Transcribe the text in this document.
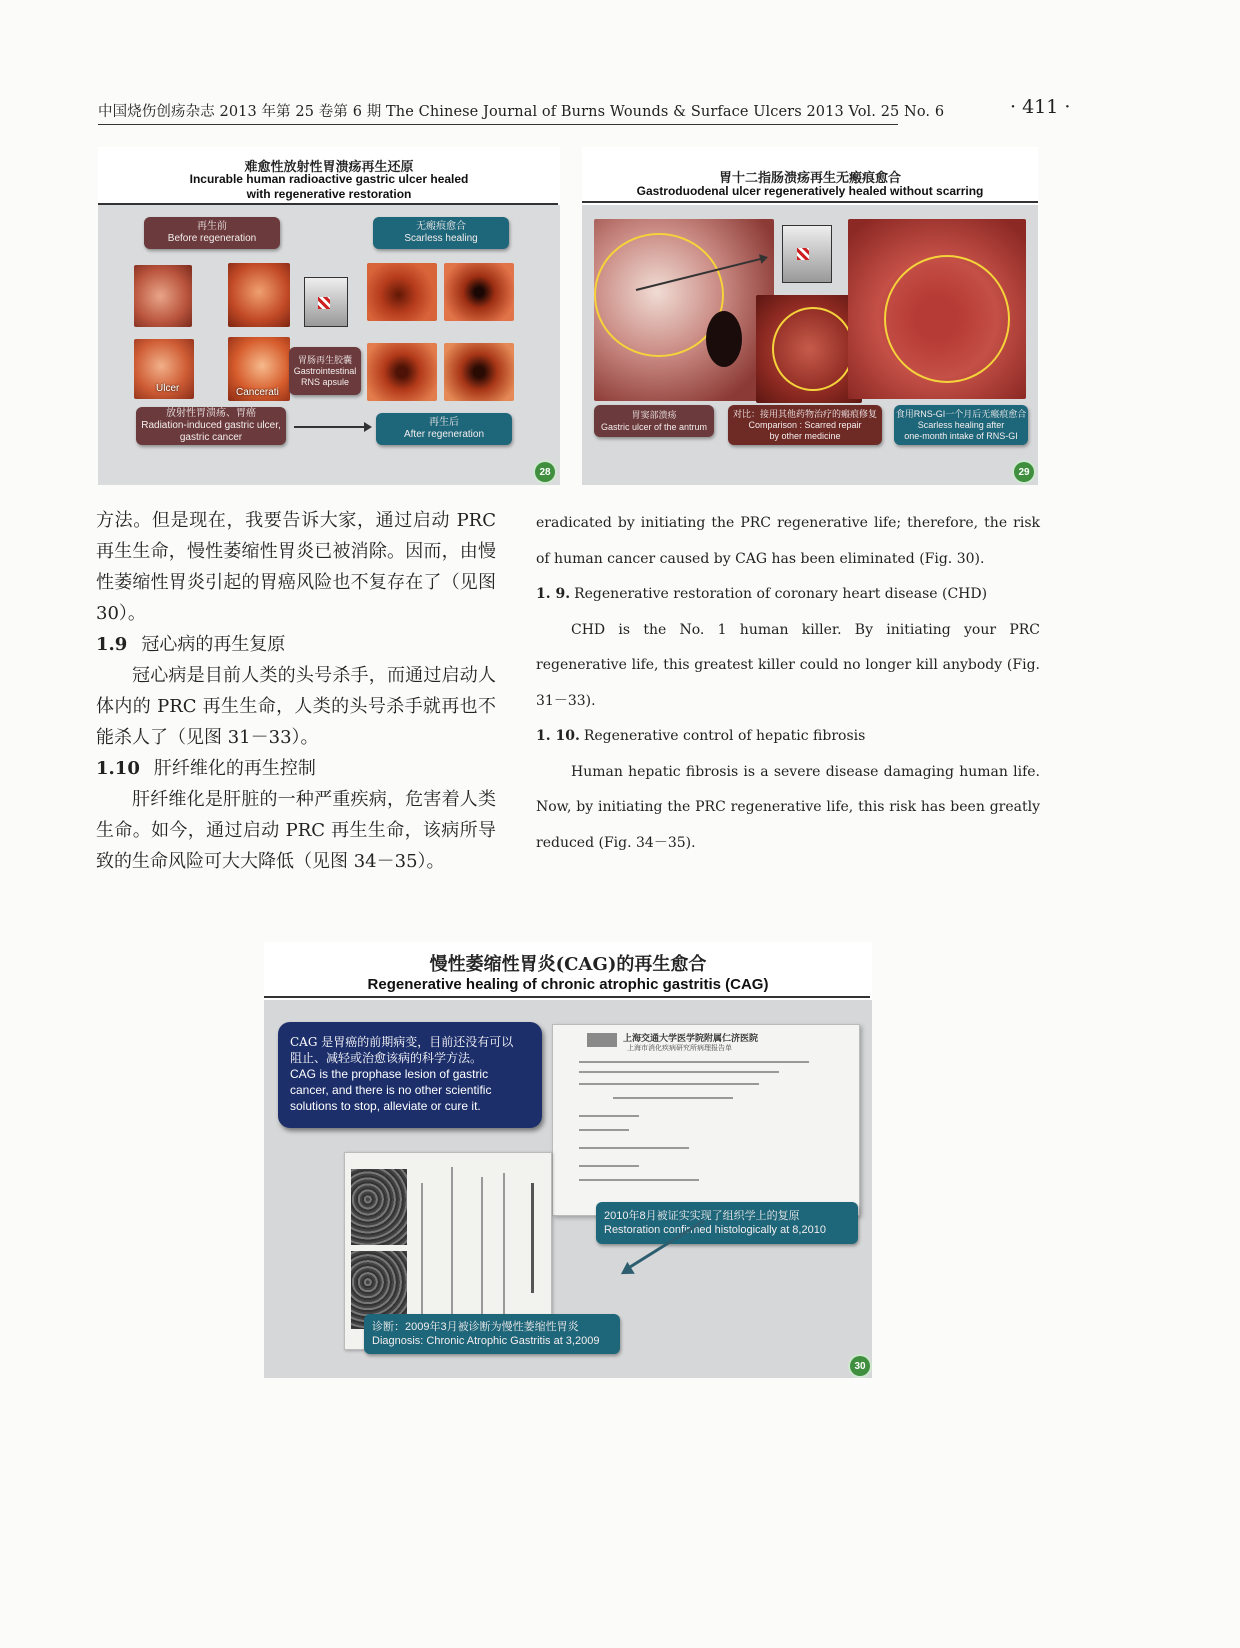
中国烧伤创疡杂志 2013 年第 25 卷第 6 期 The Chinese Journal of Burns Wounds & Surface Ulcers 2013 Vol. 25 No. 6	· 411 ·
难愈性放射性胃溃疡再生还原
Incurable human radioactive gastric ulcer healed
with regenerative restoration
再生前
Before regeneration
无瘢痕愈合
Scarless healing
Ulcer	Cancerati
胃肠再生胶囊
Gastrointestinal
RNS apsule
放射性胃溃疡、胃癌
Radiation-induced gastric ulcer,
gastric cancer
再生后
After regeneration
28
胃十二指肠溃疡再生无瘢痕愈合
Gastroduodenal ulcer regeneratively healed without scarring
胃窦部溃疡
Gastric ulcer of the antrum
对比：接用其他药物治疗的瘢痕修复
Comparison : Scarred repair
by other medicine
食用RNS-GI一个月后无瘢痕愈合
Scarless healing after
one-month intake of RNS-GI
29

方法。但是现在，我要告诉大家，通过启动 PRC 再生生命，慢性萎缩性胃炎已被消除。因而，由慢性萎缩性胃炎引起的胃癌风险也不复存在了（见图 30）。

1.9 冠心病的再生复原

冠心病是目前人类的头号杀手，而通过启动人体内的 PRC 再生生命，人类的头号杀手就再也不能杀人了（见图 31－33）。

1.10 肝纤维化的再生控制

肝纤维化是肝脏的一种严重疾病，危害着人类生命。如今，通过启动 PRC 再生生命，该病所导致的生命风险可大大降低（见图 34－35）。

eradicated by initiating the PRC regenerative life; therefore, the risk of human cancer caused by CAG has been eliminated (Fig. 30).

1. 9. Regenerative restoration of coronary heart disease (CHD)

CHD is the No. 1 human killer. By initiating your PRC regenerative life, this greatest killer could no longer kill anybody (Fig. 31－33).

1. 10. Regenerative control of hepatic fibrosis

Human hepatic fibrosis is a severe disease damaging human life. Now, by initiating the PRC regenerative life, this risk has been greatly reduced (Fig. 34－35).

慢性萎缩性胃炎(CAG)的再生愈合
Regenerative healing of chronic atrophic gastritis (CAG)
CAG 是胃癌的前期病变，目前还没有可以
阻止、减轻或治愈该病的科学方法。
CAG is the prophase lesion of gastric
cancer, and there is no other scientific
solutions to stop, alleviate or cure it.
上海交通大学医学院附属仁济医院
上海市消化疾病研究所病理报告单
2010年8月被证实实现了组织学上的复原
Restoration confirmed histologically at 8,2010
诊断：2009年3月被诊断为慢性萎缩性胃炎
Diagnosis: Chronic Atrophic Gastritis at 3,2009
30
